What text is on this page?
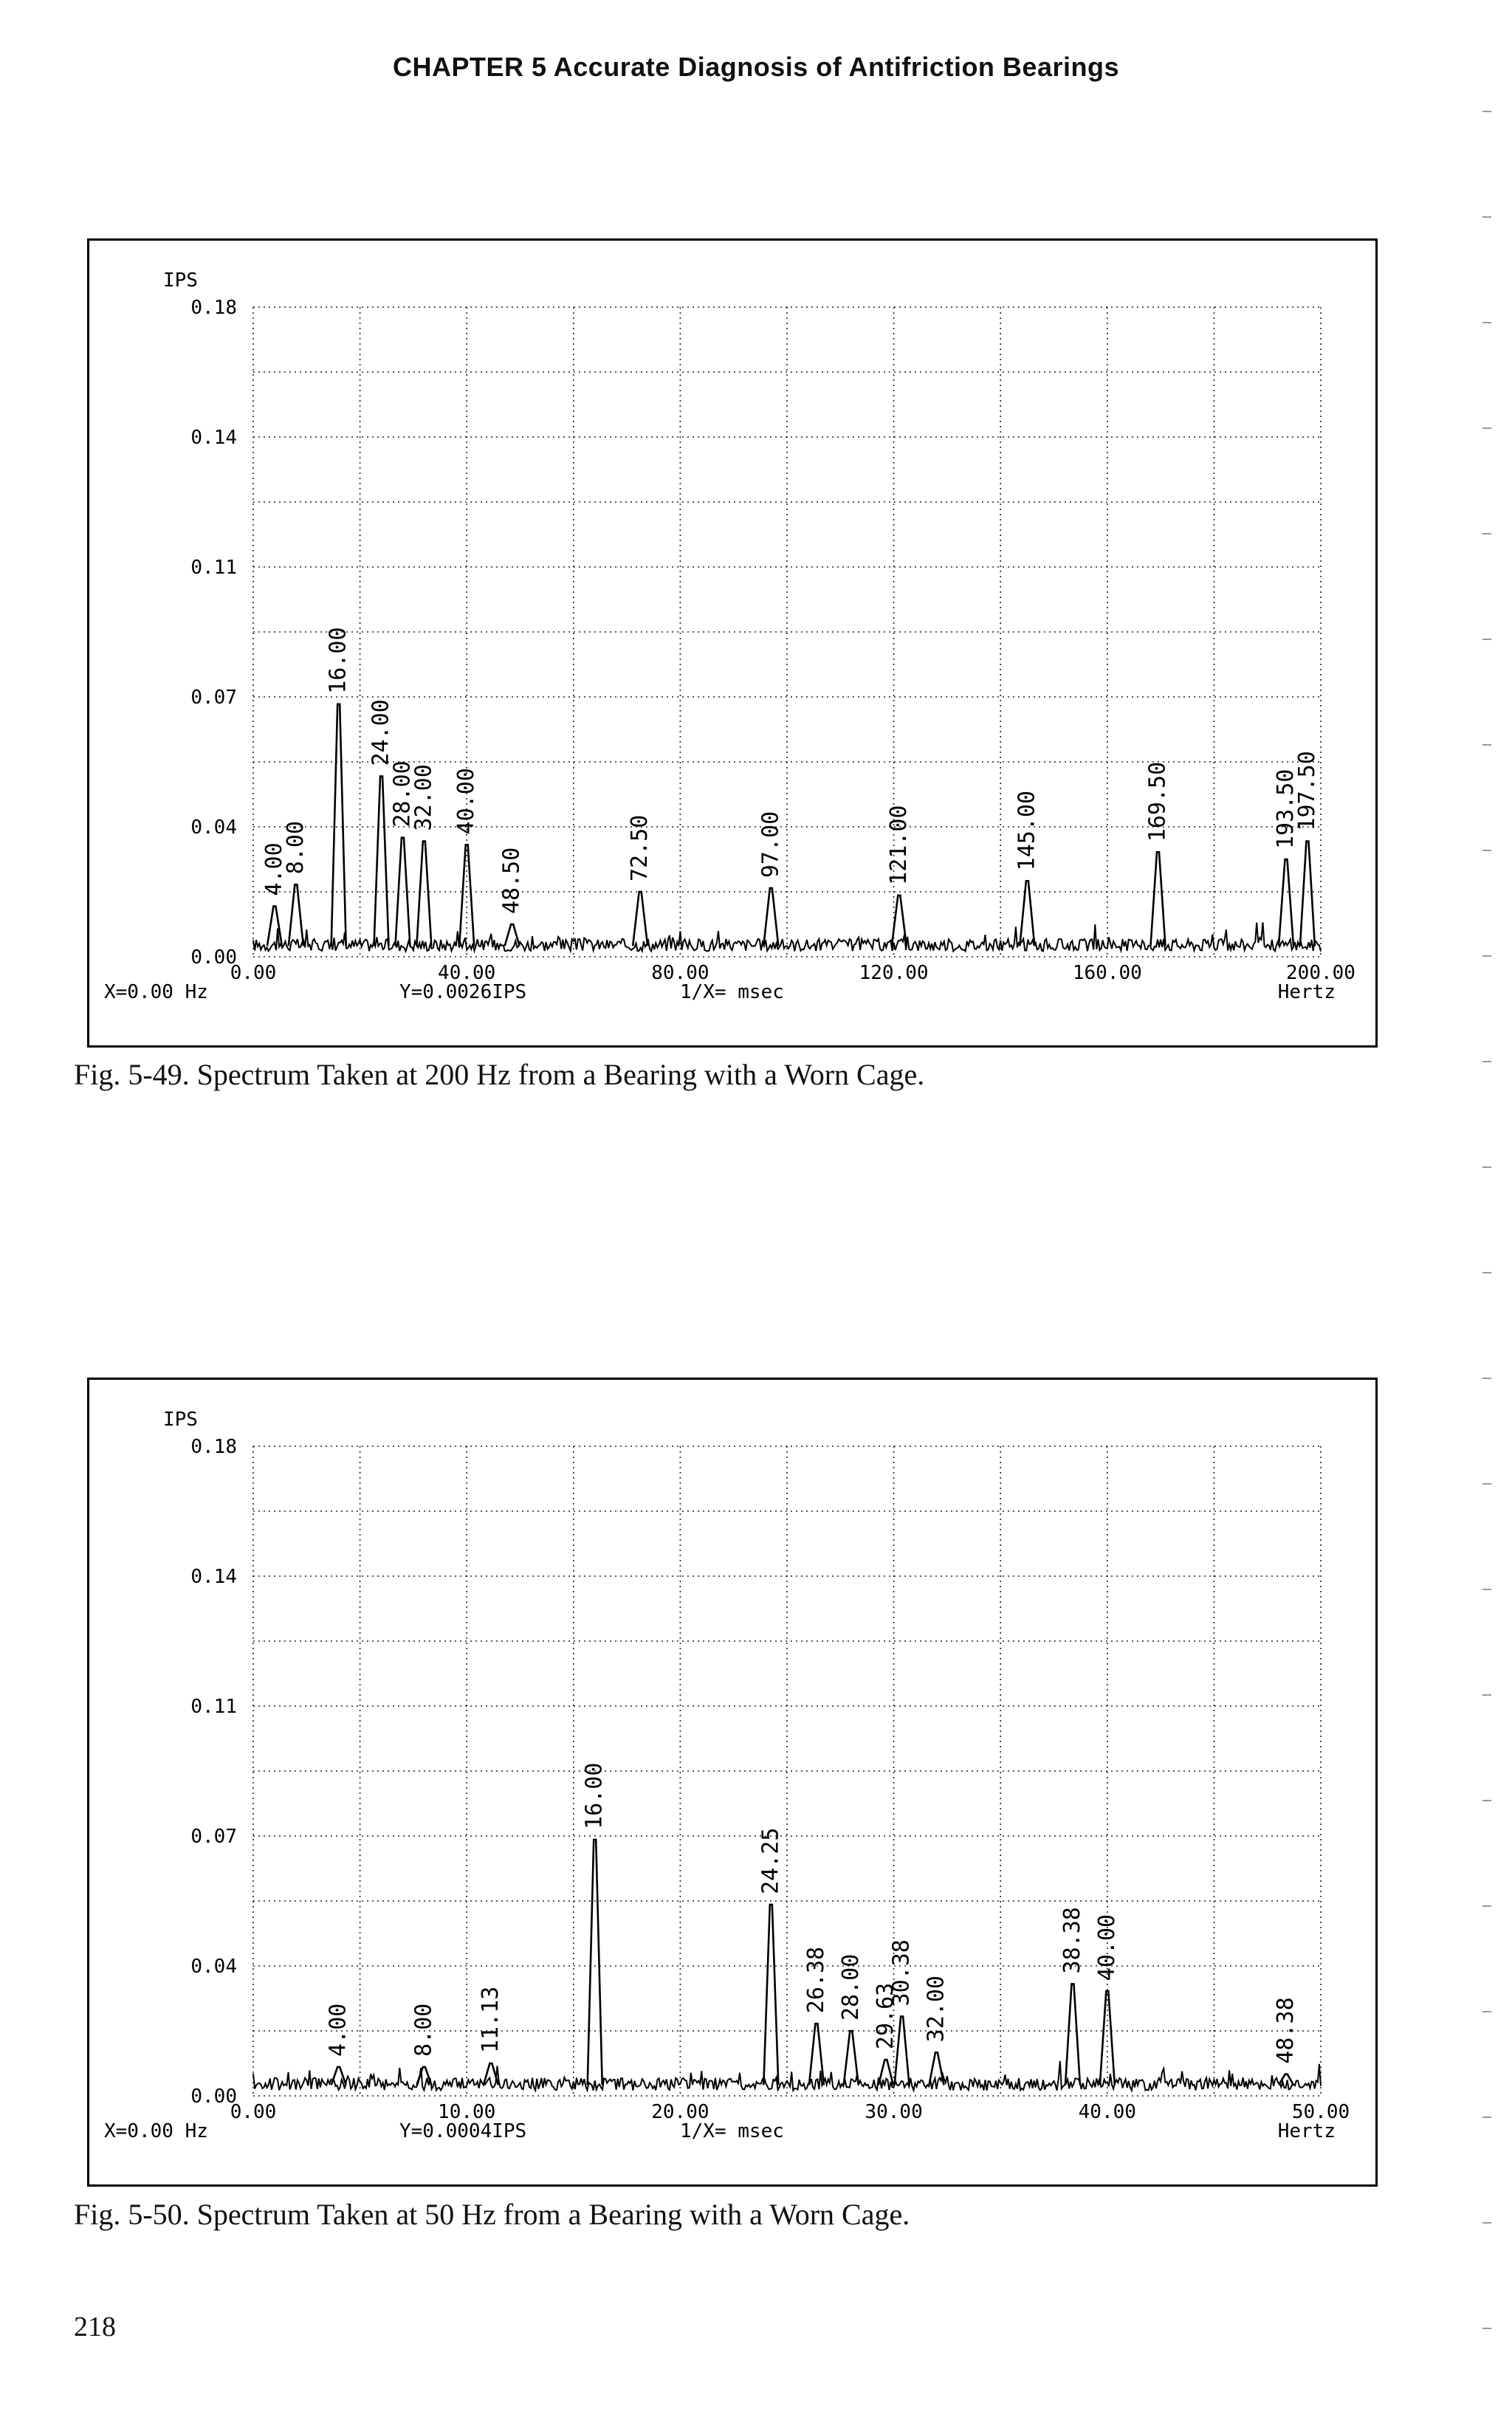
CHAPTER 5 Accurate Diagnosis of Antifriction Bearings
IPS
0.18
0.14
0.11
0.07
0.04
0.00
0.00	40.00	80.00	120.00	160.00	200.00
X=0.00 Hz	Y=0.0026IPS	1/X= msec	Hertz
4.00
8.00
16.00
24.00
28.00
32.00 40.00
48.50	72.50	97.00	121.00	145.00	169.50	193.50
197.50
Fig. 5-49. Spectrum Taken at 200 Hz from a Bearing with a Worn Cage.
IPS
0.18
0.14
0.11
0.07
0.04
0.00
0.00	10.00	20.00	30.00	40.00	50.00
X=0.00 Hz	Y=0.0004IPS	1/X= msec	Hertz
4.00	8.00 11.13
16.00
24.25
26.38 28.00 29.63
30.38
32.00
38.38 40.00
48.38
Fig. 5-50. Spectrum Taken at 50 Hz from a Bearing with a Worn Cage.
218
